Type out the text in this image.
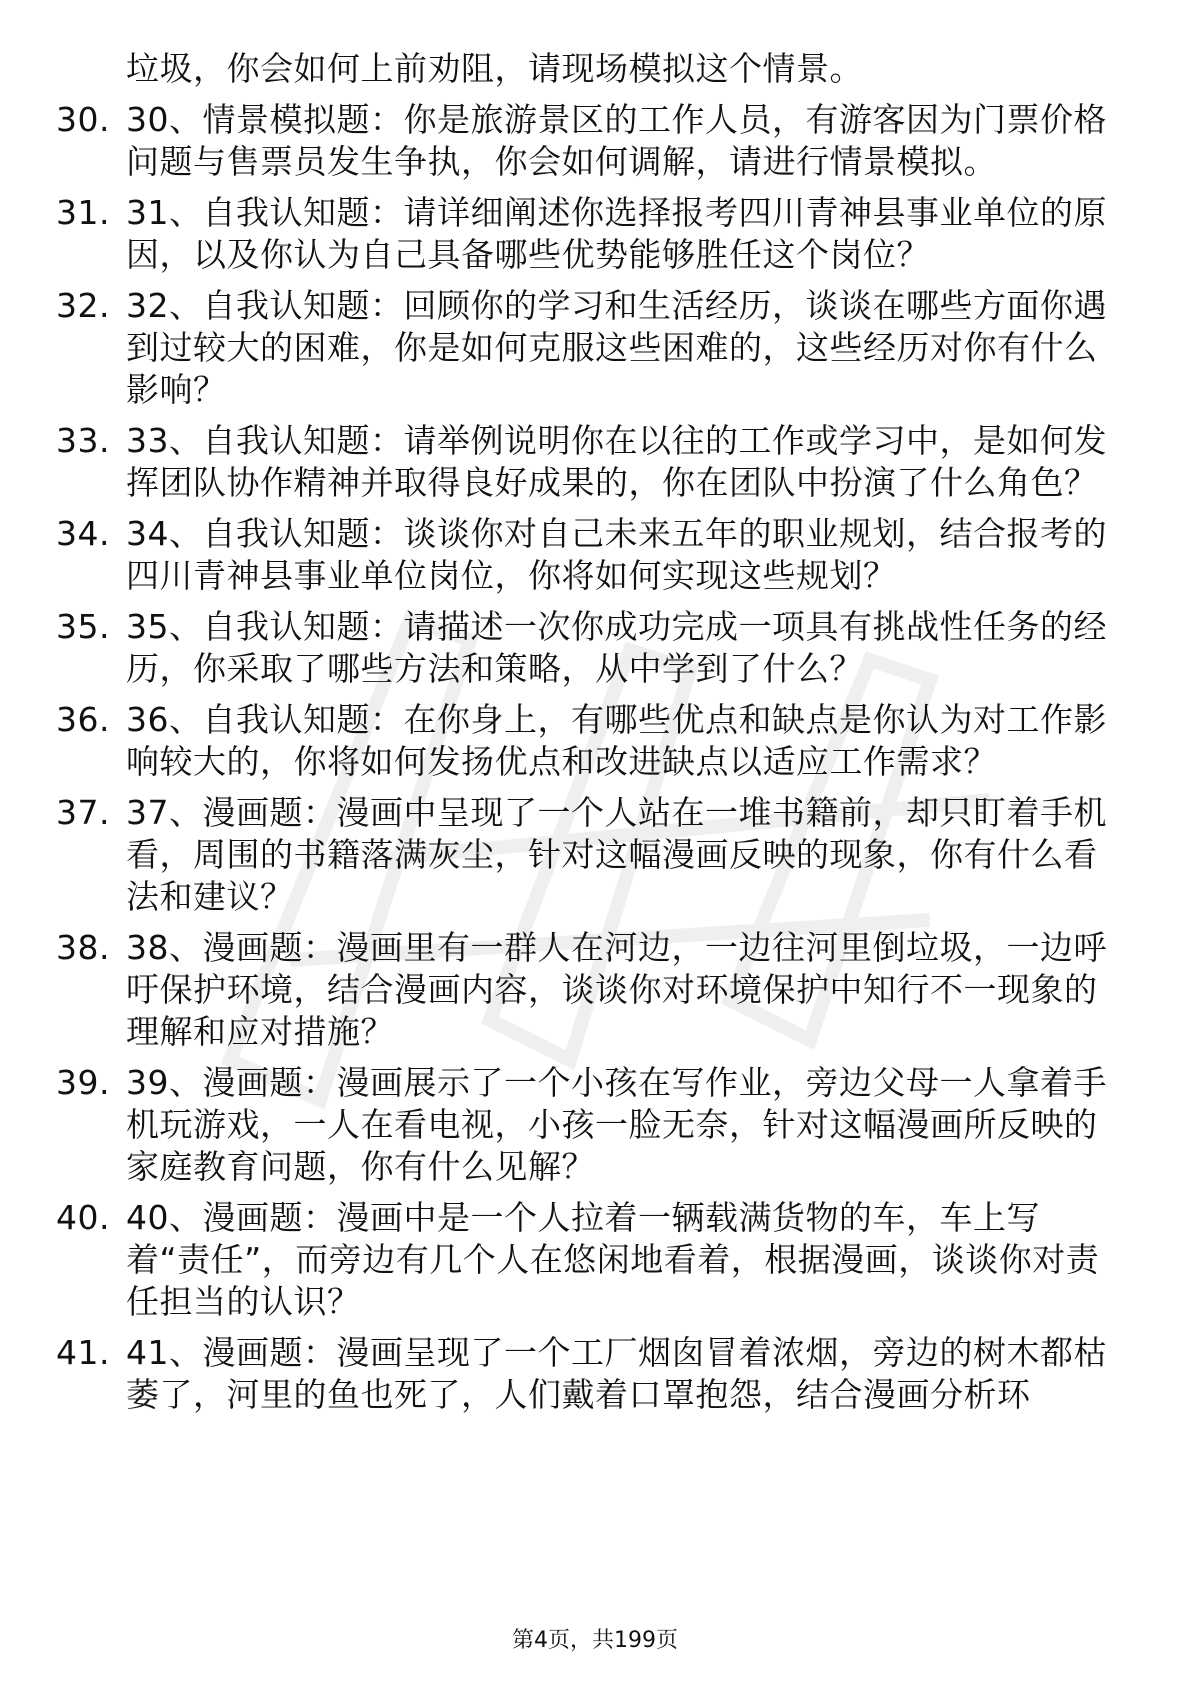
垃圾，你会如何上前劝阻，请现场模拟这个情景。
30. 30、情景模拟题：你是旅游景区的工作人员，有游客因为门票价格问题与售票员发生争执，你会如何调解，请进行情景模拟。
31. 31、自我认知题：请详细阐述你选择报考四川青神县事业单位的原因，以及你认为自己具备哪些优势能够胜任这个岗位？
32. 32、自我认知题：回顾你的学习和生活经历，谈谈在哪些方面你遇到过较大的困难，你是如何克服这些困难的，这些经历对你有什么影响？
33. 33、自我认知题：请举例说明你在以往的工作或学习中，是如何发挥团队协作精神并取得良好成果的，你在团队中扮演了什么角色？
34. 34、自我认知题：谈谈你对自己未来五年的职业规划，结合报考的四川青神县事业单位岗位，你将如何实现这些规划？
35. 35、自我认知题：请描述一次你成功完成一项具有挑战性任务的经历，你采取了哪些方法和策略，从中学到了什么？
36. 36、自我认知题：在你身上，有哪些优点和缺点是你认为对工作影响较大的，你将如何发扬优点和改进缺点以适应工作需求？
37. 37、漫画题：漫画中呈现了一个人站在一堆书籍前，却只盯着手机看，周围的书籍落满灰尘，针对这幅漫画反映的现象，你有什么看法和建议？
38. 38、漫画题：漫画里有一群人在河边，一边往河里倒垃圾，一边呼吁保护环境，结合漫画内容，谈谈你对环境保护中知行不一现象的理解和应对措施？
39. 39、漫画题：漫画展示了一个小孩在写作业，旁边父母一人拿着手机玩游戏，一人在看电视，小孩一脸无奈，针对这幅漫画所反映的家庭教育问题，你有什么见解？
40. 40、漫画题：漫画中是一个人拉着一辆载满货物的车，车上写着“责任”，而旁边有几个人在悠闲地看着，根据漫画，谈谈你对责任担当的认识？
41. 41、漫画题：漫画呈现了一个工厂烟囱冒着浓烟，旁边的树木都枯萎了，河里的鱼也死了，人们戴着口罩抱怨，结合漫画分析环
第4页，共199页
